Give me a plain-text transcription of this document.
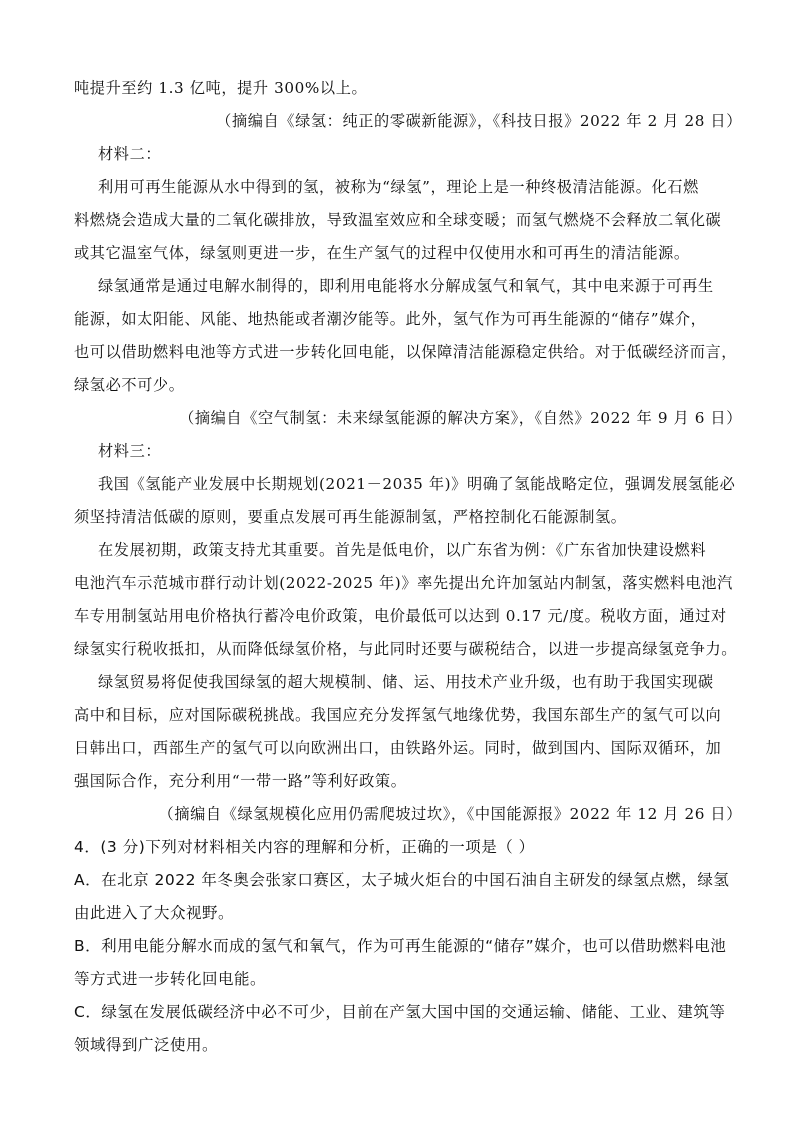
吨提升至约 1.3 亿吨，提升 300%以上。
（摘编自《绿氢：纯正的零碳新能源》，《科技日报》2022 年 2 月 28 日）
材料二：
利用可再生能源从水中得到的氢，被称为“绿氢”，理论上是一种终极清洁能源。化石燃
料燃烧会造成大量的二氧化碳排放，导致温室效应和全球变暖；而氢气燃烧不会释放二氧化碳
或其它温室气体，绿氢则更进一步，在生产氢气的过程中仅使用水和可再生的清洁能源。
绿氢通常是通过电解水制得的，即利用电能将水分解成氢气和氧气，其中电来源于可再生
能源，如太阳能、风能、地热能或者潮汐能等。此外，氢气作为可再生能源的“储存”媒介，
也可以借助燃料电池等方式进一步转化回电能，以保障清洁能源稳定供给。对于低碳经济而言，
绿氢必不可少。
（摘编自《空气制氢：未来绿氢能源的解决方案》，《自然》2022 年 9 月 6 日）
材料三：
我国《氢能产业发展中长期规划(2021－2035 年)》明确了氢能战略定位，强调发展氢能必
须坚持清洁低碳的原则，要重点发展可再生能源制氢，严格控制化石能源制氢。
在发展初期，政策支持尤其重要。首先是低电价，以广东省为例：《广东省加快建设燃料
电池汽车示范城市群行动计划(2022-2025 年)》率先提出允许加氢站内制氢，落实燃料电池汽
车专用制氢站用电价格执行蓄冷电价政策，电价最低可以达到 0.17 元/度。税收方面，通过对
绿氢实行税收抵扣，从而降低绿氢价格，与此同时还要与碳税结合，以进一步提高绿氢竞争力。
绿氢贸易将促使我国绿氢的超大规模制、储、运、用技术产业升级，也有助于我国实现碳
高中和目标，应对国际碳税挑战。我国应充分发挥氢气地缘优势，我国东部生产的氢气可以向
日韩出口，西部生产的氢气可以向欧洲出口，由铁路外运。同时，做到国内、国际双循环，加
强国际合作，充分利用“一带一路”等利好政策。
（摘编自《绿氢规模化应用仍需爬坡过坎》，《中国能源报》2022 年 12 月 26 日）
4．(3 分)下列对材料相关内容的理解和分析，正确的一项是（ ）
A．在北京 2022 年冬奥会张家口赛区，太子城火炬台的中国石油自主研发的绿氢点燃，绿氢
由此进入了大众视野。
B．利用电能分解水而成的氢气和氧气，作为可再生能源的“储存”媒介，也可以借助燃料电池
等方式进一步转化回电能。
C．绿氢在发展低碳经济中必不可少，目前在产氢大国中国的交通运输、储能、工业、建筑等
领域得到广泛使用。
